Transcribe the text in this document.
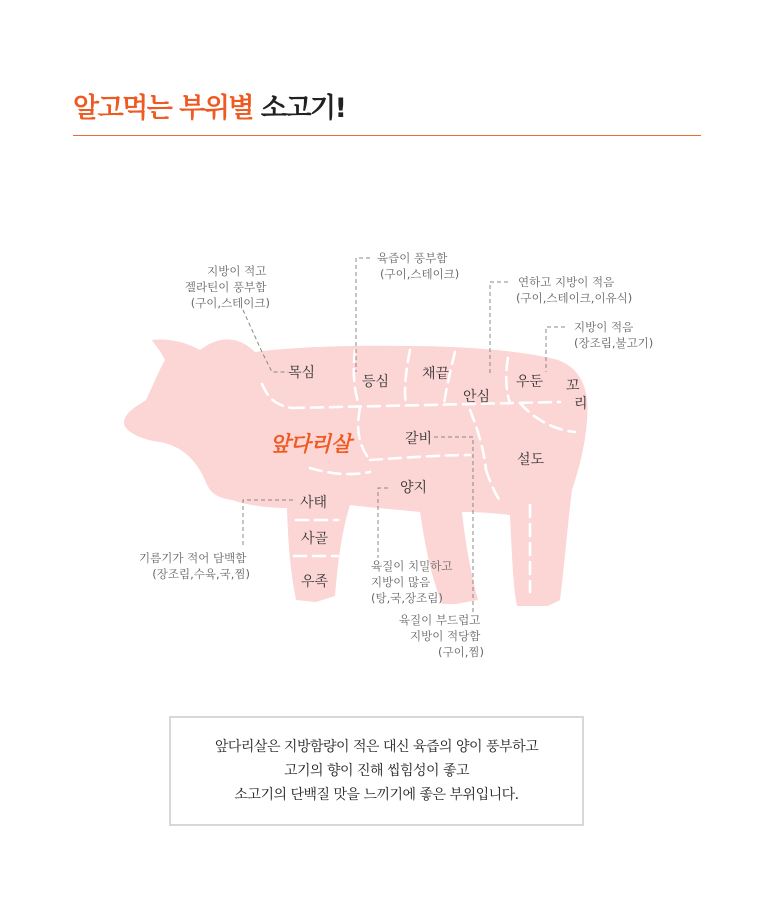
알고먹는 부위별 소고기!
목심
등심 채끝
안심
우둔 꼬
리
앞다리살	갈비
설도
양지
사태
사골
우족
지방이 적고 젤라틴이 풍부함 (구이,스테이크)
육즙이 풍부함 (구이,스테이크)
연하고 지방이 적음 (구이,스테이크,이유식)
지방이 적음 (장조림,불고기)
기름기가 적어 담백함 (장조림,수육,국,찜)
육질이 치밀하고 지방이 많음 (탕,국,장조림)
육질이 부드럽고 지방이 적당함 (구이,찜)

앞다리살은 지방함량이 적은 대신 육즙의 양이 풍부하고

고기의 향이 진해 씹힘성이 좋고

소고기의 단백질 맛을 느끼기에 좋은 부위입니다.
